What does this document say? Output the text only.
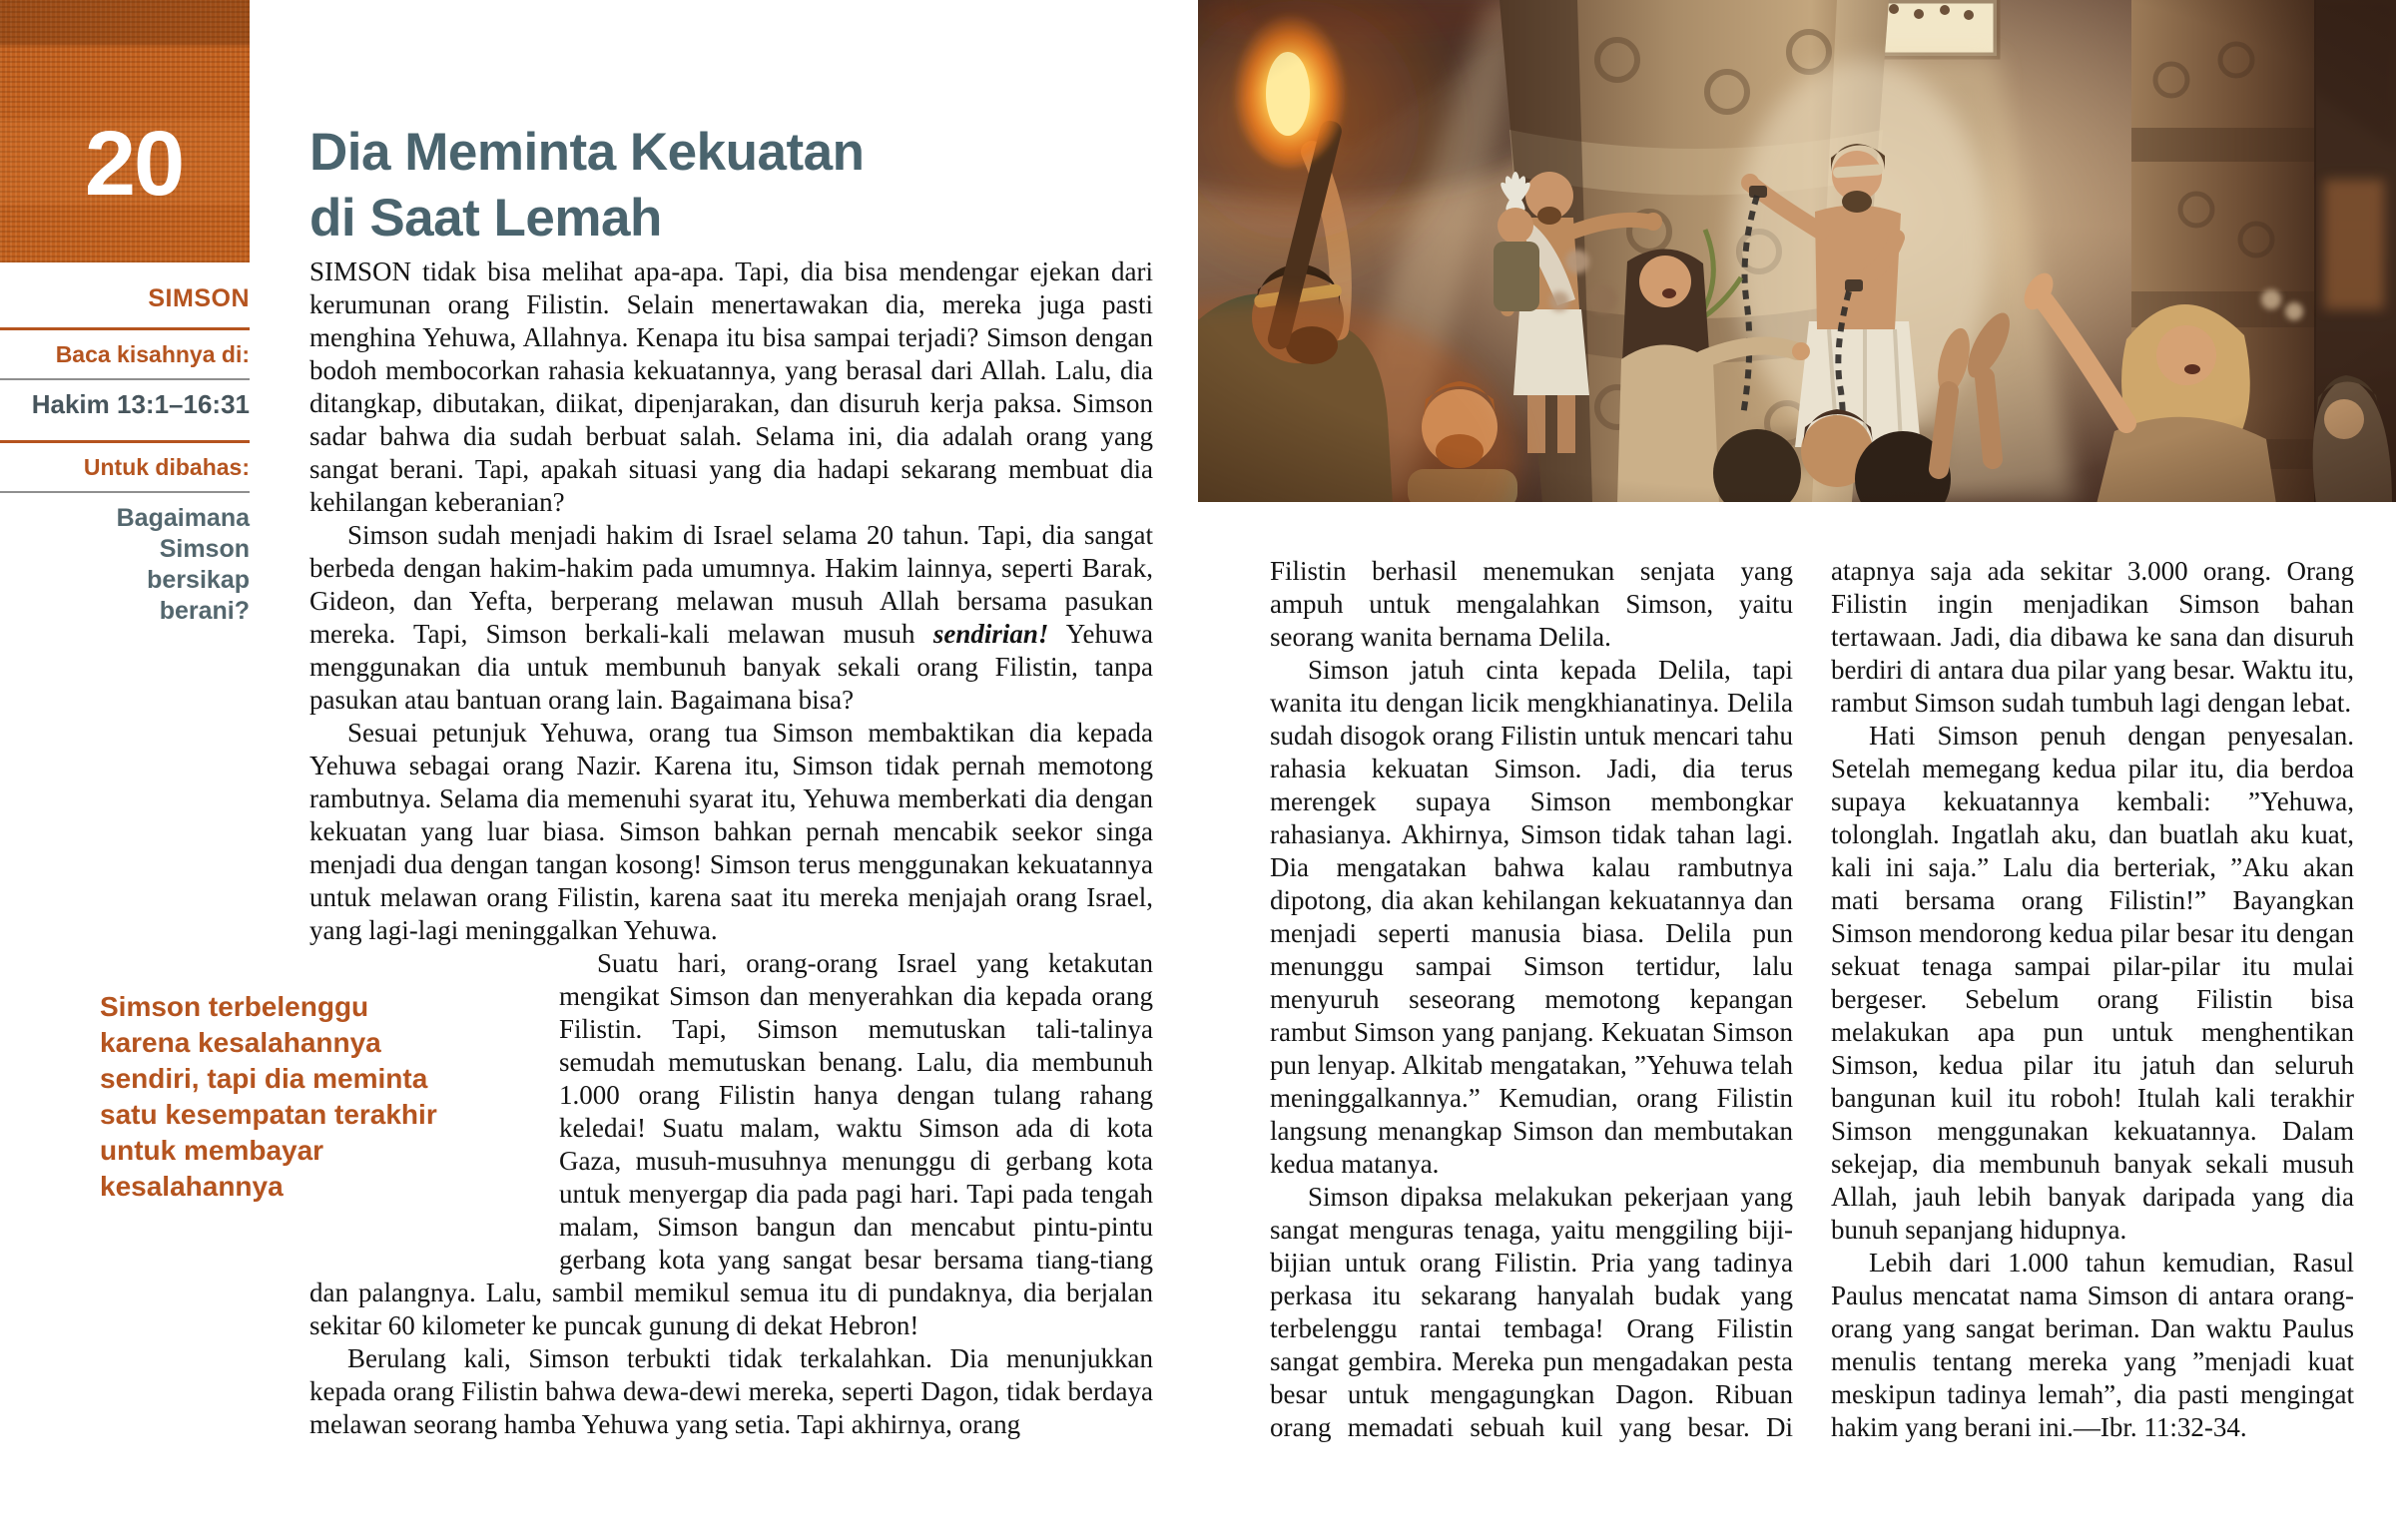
20
SIMSON
Baca kisahnya di:
Hakim 13:1–16:31
Untuk dibahas:
Bagaimana Simson bersikap berani?
Dia Meminta Kekuatan
di Saat Lemah

SIMSON tidak bisa melihat apa-apa. Tapi, dia bisa mendengar ejekan dari kerumunan orang Filistin. Selain menertawakan dia, mereka juga pasti menghina Yehuwa, Allahnya. Kenapa itu bisa sampai terjadi? Simson dengan bodoh membocorkan rahasia kekuatannya, yang berasal dari Allah. Lalu, dia ditangkap, dibutakan, diikat, dipenjarakan, dan disuruh kerja paksa. Simson sadar bahwa dia sudah berbuat salah. Selama ini, dia adalah orang yang sangat berani. Tapi, apakah situasi yang dia hadapi sekarang membuat dia kehilangan keberanian?

Simson sudah menjadi hakim di Israel selama 20 tahun. Tapi, dia sangat berbeda dengan hakim-hakim pada umumnya. Hakim lainnya, seperti Barak, Gideon, dan Yefta, berperang melawan musuh Allah bersama pasukan mereka. Tapi, Simson berkali-kali melawan musuh sendirian! Yehuwa menggunakan dia untuk membunuh banyak sekali orang Filistin, tanpa pasukan atau bantuan orang lain. Bagaimana bisa?

Sesuai petunjuk Yehuwa, orang tua Simson membaktikan dia kepada Yehuwa sebagai orang Nazir. Karena itu, Simson tidak pernah memotong rambutnya. Selama dia memenuhi syarat itu, Yehuwa memberkati dia dengan kekuatan yang luar biasa. Simson bahkan pernah mencabik seekor singa menjadi dua dengan tangan kosong! Simson terus menggunakan kekuatannya untuk melawan orang Filistin, karena saat itu mereka menjajah orang Israel, yang lagi-lagi meninggalkan Yehuwa.

Simson terbelenggu karena kesalahannya sendiri, tapi dia meminta satu kesempatan terakhir untuk membayar kesalahannya
Suatu hari, orang-orang Israel yang ketakutan mengikat Simson dan menyerahkan dia kepada orang Filistin. Tapi, Simson memutuskan tali-talinya semudah memutuskan benang. Lalu, dia membunuh 1.000 orang Filistin hanya dengan tulang rahang keledai! Suatu malam, waktu Simson ada di kota Gaza, musuh-musuhnya menunggu di gerbang kota untuk menyergap dia pada pagi hari. Tapi pada tengah malam, Simson bangun dan mencabut pintu-pintu gerbang kota yang sangat besar bersama tiang-tiang dan palangnya. Lalu, sambil memikul semua itu di pundaknya, dia berjalan sekitar 60 kilometer ke puncak gunung di dekat Hebron!

Berulang kali, Simson terbukti tidak terkalahkan. Dia menunjukkan kepada orang Filistin bahwa dewa-dewi mereka, seperti Dagon, tidak berdaya melawan seorang hamba Yehuwa yang setia. Tapi akhirnya, orang

Filistin berhasil menemukan senjata yang ampuh untuk mengalahkan Simson, yaitu seorang wanita bernama Delila.

Simson jatuh cinta kepada Delila, tapi wanita itu dengan licik mengkhianatinya. Delila sudah disogok orang Filistin untuk mencari tahu rahasia kekuatan Simson. Jadi, dia terus merengek supaya Simson membongkar rahasianya. Akhirnya, Simson tidak tahan lagi. Dia mengatakan bahwa kalau rambutnya dipotong, dia akan kehilangan kekuatannya dan menjadi seperti manusia biasa. Delila pun menunggu sampai Simson tertidur, lalu menyuruh seseorang memotong kepangan rambut Simson yang panjang. Kekuatan Simson pun lenyap. Alkitab mengatakan, ”Yehuwa telah meninggalkannya.” Kemudian, orang Filistin langsung menangkap Simson dan membutakan kedua matanya.

Simson dipaksa melakukan pekerjaan yang sangat menguras tenaga, yaitu menggiling biji-bijian untuk orang Filistin. Pria yang tadinya perkasa itu sekarang hanyalah budak yang terbelenggu rantai tembaga! Orang Filistin sangat gembira. Mereka pun mengadakan pesta besar untuk mengagungkan Dagon. Ribuan orang memadati sebuah kuil yang besar. Di atapnya saja ada sekitar 3.000 orang. Orang Filistin ingin menjadikan Simson bahan tertawaan. Jadi, dia dibawa ke sana dan disuruh berdiri di antara dua pilar yang besar. Waktu itu, rambut Simson sudah tumbuh lagi dengan lebat.

Hati Simson penuh dengan penyesalan. Setelah memegang kedua pilar itu, dia berdoa supaya kekuatannya kembali: ”Yehuwa, tolonglah. Ingatlah aku, dan buatlah aku kuat, kali ini saja.” Lalu dia berteriak, ”Aku akan mati bersama orang Filistin!” Bayangkan Simson mendorong kedua pilar besar itu dengan sekuat tenaga sampai pilar-pilar itu mulai bergeser. Sebelum orang Filistin bisa melakukan apa pun untuk menghentikan Simson, kedua pilar itu jatuh dan seluruh bangunan kuil itu roboh! Itulah kali terakhir Simson menggunakan kekuatannya. Dalam sekejap, dia membunuh banyak sekali musuh Allah, jauh lebih banyak daripada yang dia bunuh sepanjang hidupnya.

Lebih dari 1.000 tahun kemudian, Rasul Paulus mencatat nama Simson di antara orang-orang yang sangat beriman. Dan waktu Paulus menulis tentang mereka yang ”menjadi kuat meskipun tadinya lemah”, dia pasti mengingat hakim yang berani ini.—Ibr. 11:32-34.
